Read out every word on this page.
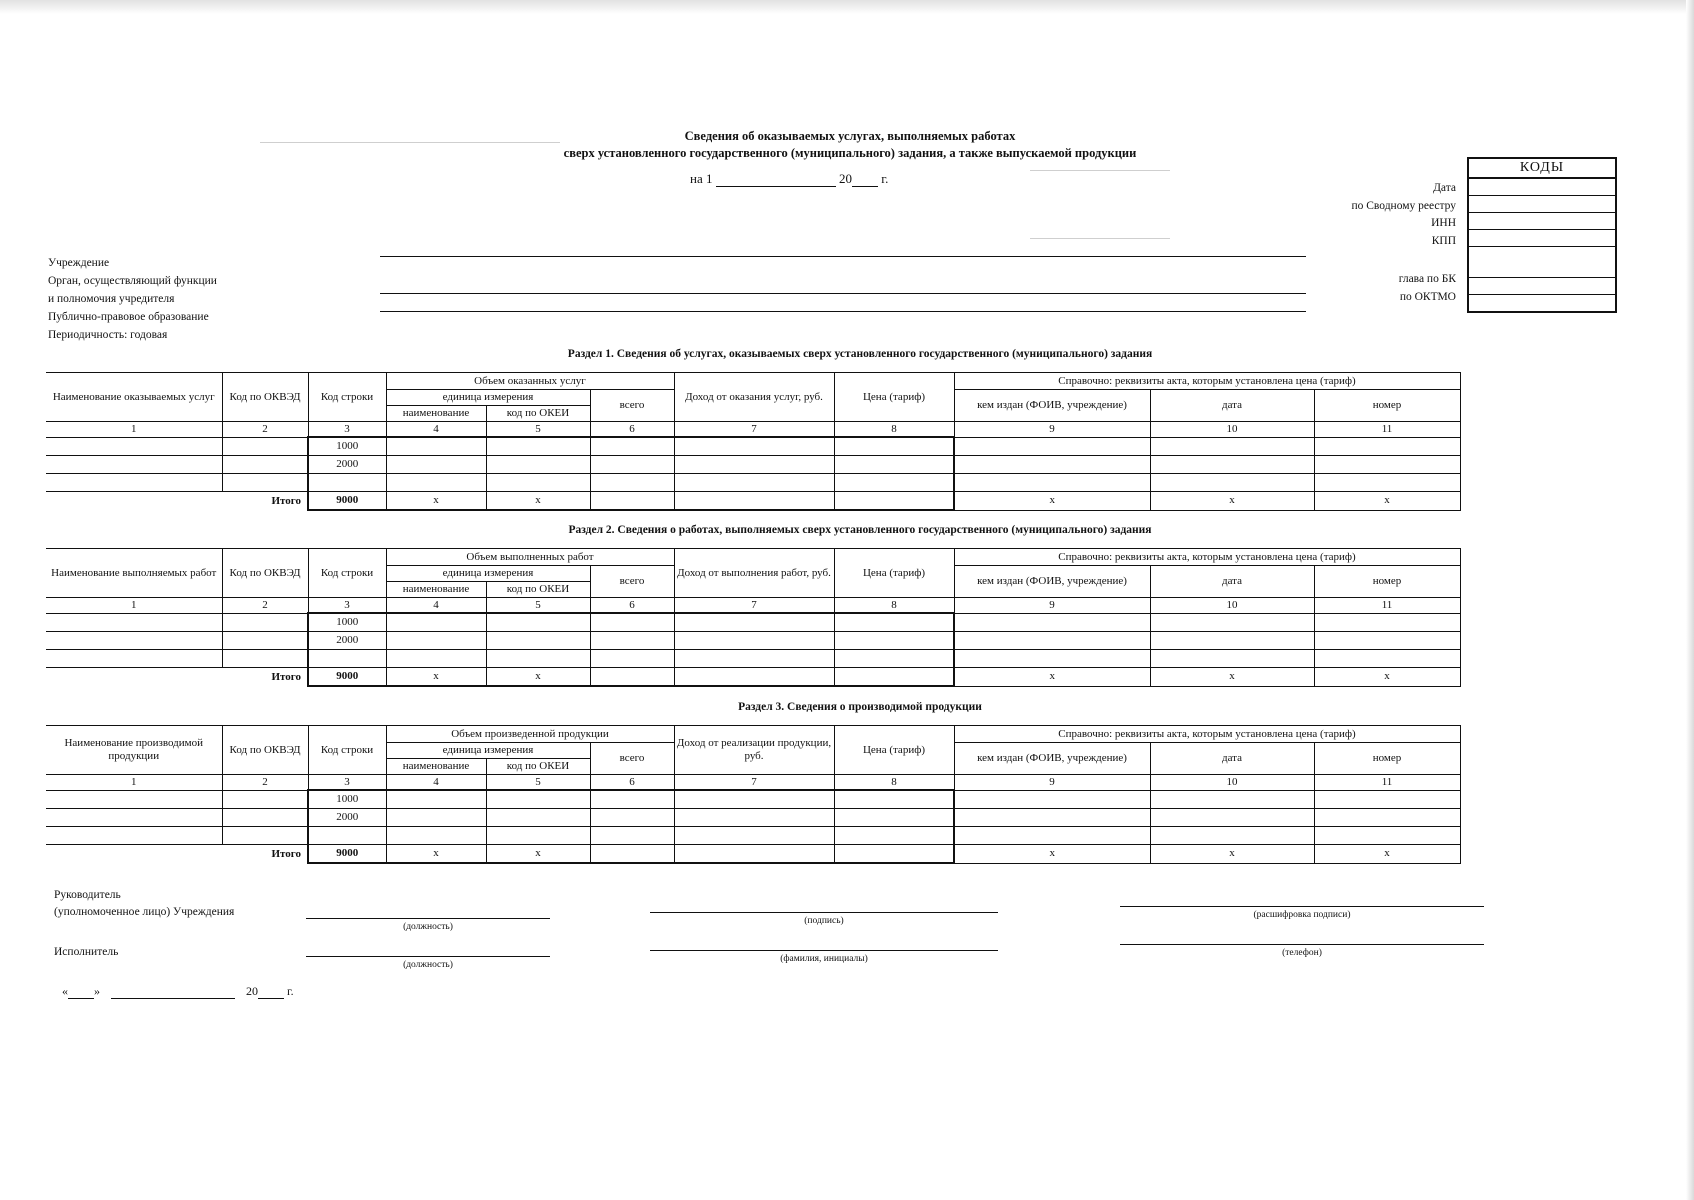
Сведения об оказываемых услугах, выполняемых работах
сверх установленного государственного (муниципального) задания, а также выпускаемой продукции
на 1	20 г.
КОДЫ
Дата
по Сводному реестру
ИНН
КПП
глава по БК
по ОКТМО
Учреждение
Орган, осуществляющий функции
и полномочия учредителя
Публично-правовое образование
Периодичность: годовая
Раздел 1. Сведения об услугах, оказываемых сверх установленного государственного (муниципального) задания
Наименование оказываемых услуг	Код по ОКВЭД	Код строки	Объем оказанных услуг			Доход от оказания услуг, руб.	Цена (тариф)	Справочно: реквизиты акта, которым установлена цена (тариф)		
			единица измерения		всего			кем издан (ФОИВ, учреждение)	дата	номер
			наименование	код по ОКЕИ						
1	2	3	4	5	6	7	8	9	10	11
		1000								
		2000								

Итого		9000	х	х				х	х	х
Раздел 2. Сведения о работах, выполняемых сверх установленного государственного (муниципального) задания
Наименование выполняемых работ	Код по ОКВЭД	Код строки	Объем выполненных работ			Доход от выполнения работ, руб.	Цена (тариф)	Справочно: реквизиты акта, которым установлена цена (тариф)		
			единица измерения		всего			кем издан (ФОИВ, учреждение)	дата	номер
			наименование	код по ОКЕИ						
1	2	3	4	5	6	7	8	9	10	11
		1000								
		2000								

Итого		9000	х	х				х	х	х
Раздел 3. Сведения о производимой продукции
Наименование производимой продукции	Код по ОКВЭД	Код строки	Объем произведенной продукции			Доход от реализации продукции, руб.	Цена (тариф)	Справочно: реквизиты акта, которым установлена цена (тариф)		
			единица измерения		всего			кем издан (ФОИВ, учреждение)	дата	номер
			наименование	код по ОКЕИ						
1	2	3	4	5	6	7	8	9	10	11
		1000								
		2000								

Итого		9000	х	х				х	х	х
Руководитель
(уполномоченное лицо) Учреждения
(должность)
(подпись)
(расшифровка подписи)
Исполнитель
(должность)
(фамилия, инициалы)
(телефон)
« »	20 г.
